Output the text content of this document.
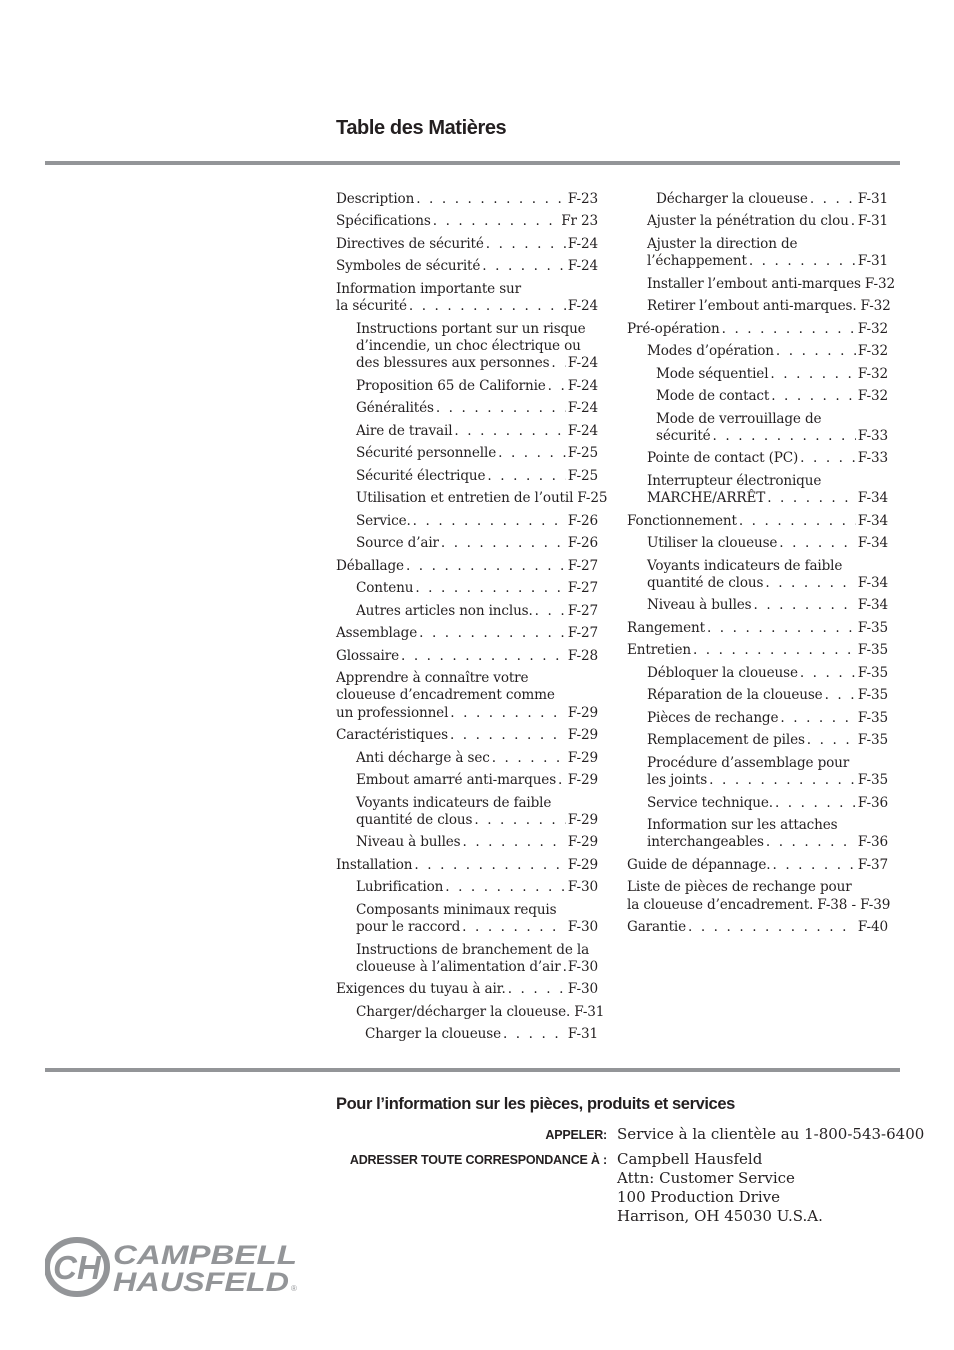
Table des Matières
Description . . .	F-23
Spécifications . . .	Fr 23
Directives de sécurité . . .	F-24
Symboles de sécurité . . .	F-24
Information importante sur
la sécurité . . .	F-24
Instructions portant sur un risque
d’incendie, un choc électrique ou
des blessures aux personnes . . . F-24
Proposition 65 de Californie . . . F-24
Généralités . . .	F-24
Aire de travail . . .	F-24
Sécurité personnelle . . .	F-25
Sécurité électrique . . .	F-25
Utilisation et entretien de l’outil F-25
Service. . . .	F-26
Source d’air . . .	F-26
Déballage . . .	F-27
Contenu . . .	F-27
Autres articles non inclus. . . .	F-27
Assemblage . . .	F-27
Glossaire . . .	F-28
Apprendre à connaître votre
cloueuse d’encadrement comme
un professionnel . . .	F-29
Caractéristiques . . .	F-29
Anti décharge à sec . . .	F-29
Embout amarré anti-marques . . . F-29
Voyants indicateurs de faible
quantité de clous . . .	F-29
Niveau à bulles . . .	F-29
Installation . . .	F-29
Lubrification . . .	F-30
Composants minimaux requis
pour le raccord . . .	F-30
Instructions de branchement de la
cloueuse à l’alimentation d’air . . . F-30
Exigences du tuyau à air. . . .	F-30
Charger/décharger la cloueuse. F-31
Charger la cloueuse . . .	F-31
Décharger la cloueuse . . .	F-31
Ajuster la pénétration du clou . . . F-31
Ajuster la direction de
l’échappement . . .	F-31
Installer l’embout anti-marques F-32
Retirer l’embout anti-marques. F-32
Pré-opération . . .	F-32
Modes d’opération . . .	F-32
Mode séquentiel . . .	F-32
Mode de contact . . .	F-32
Mode de verrouillage de
sécurité . . .	F-33
Pointe de contact (PC) . . .	F-33
Interrupteur électronique
MARCHE/ARRÊT . . .	F-34
Fonctionnement . . .	F-34
Utiliser la cloueuse . . .	F-34
Voyants indicateurs de faible
quantité de clous . . .	F-34
Niveau à bulles . . .	F-34
Rangement . . .	F-35
Entretien . . .	F-35
Débloquer la cloueuse . . .	F-35
Réparation de la cloueuse . . .	F-35
Pièces de rechange . . .	F-35
Remplacement de piles . . .	F-35
Procédure d’assemblage pour
les joints . . .	F-35
Service technique. . . .	F-36
Information sur les attaches
interchangeables . . .	F-36
Guide de dépannage. . . .	F-37
Liste de pièces de rechange pour
la cloueuse d’encadrement. F-38 - F-39
Garantie . . .	F-40
Pour l’information sur les pièces, produits et services
APPELER: Service à la clientèle au 1-800-543-6400
ADRESSER TOUTE CORRESPONDANCE À : Campbell Hausfeld
Attn: Customer Service
100 Production Drive
Harrison, OH 45030 U.S.A.
CH CAMPBELL
HAUSFELD ®
